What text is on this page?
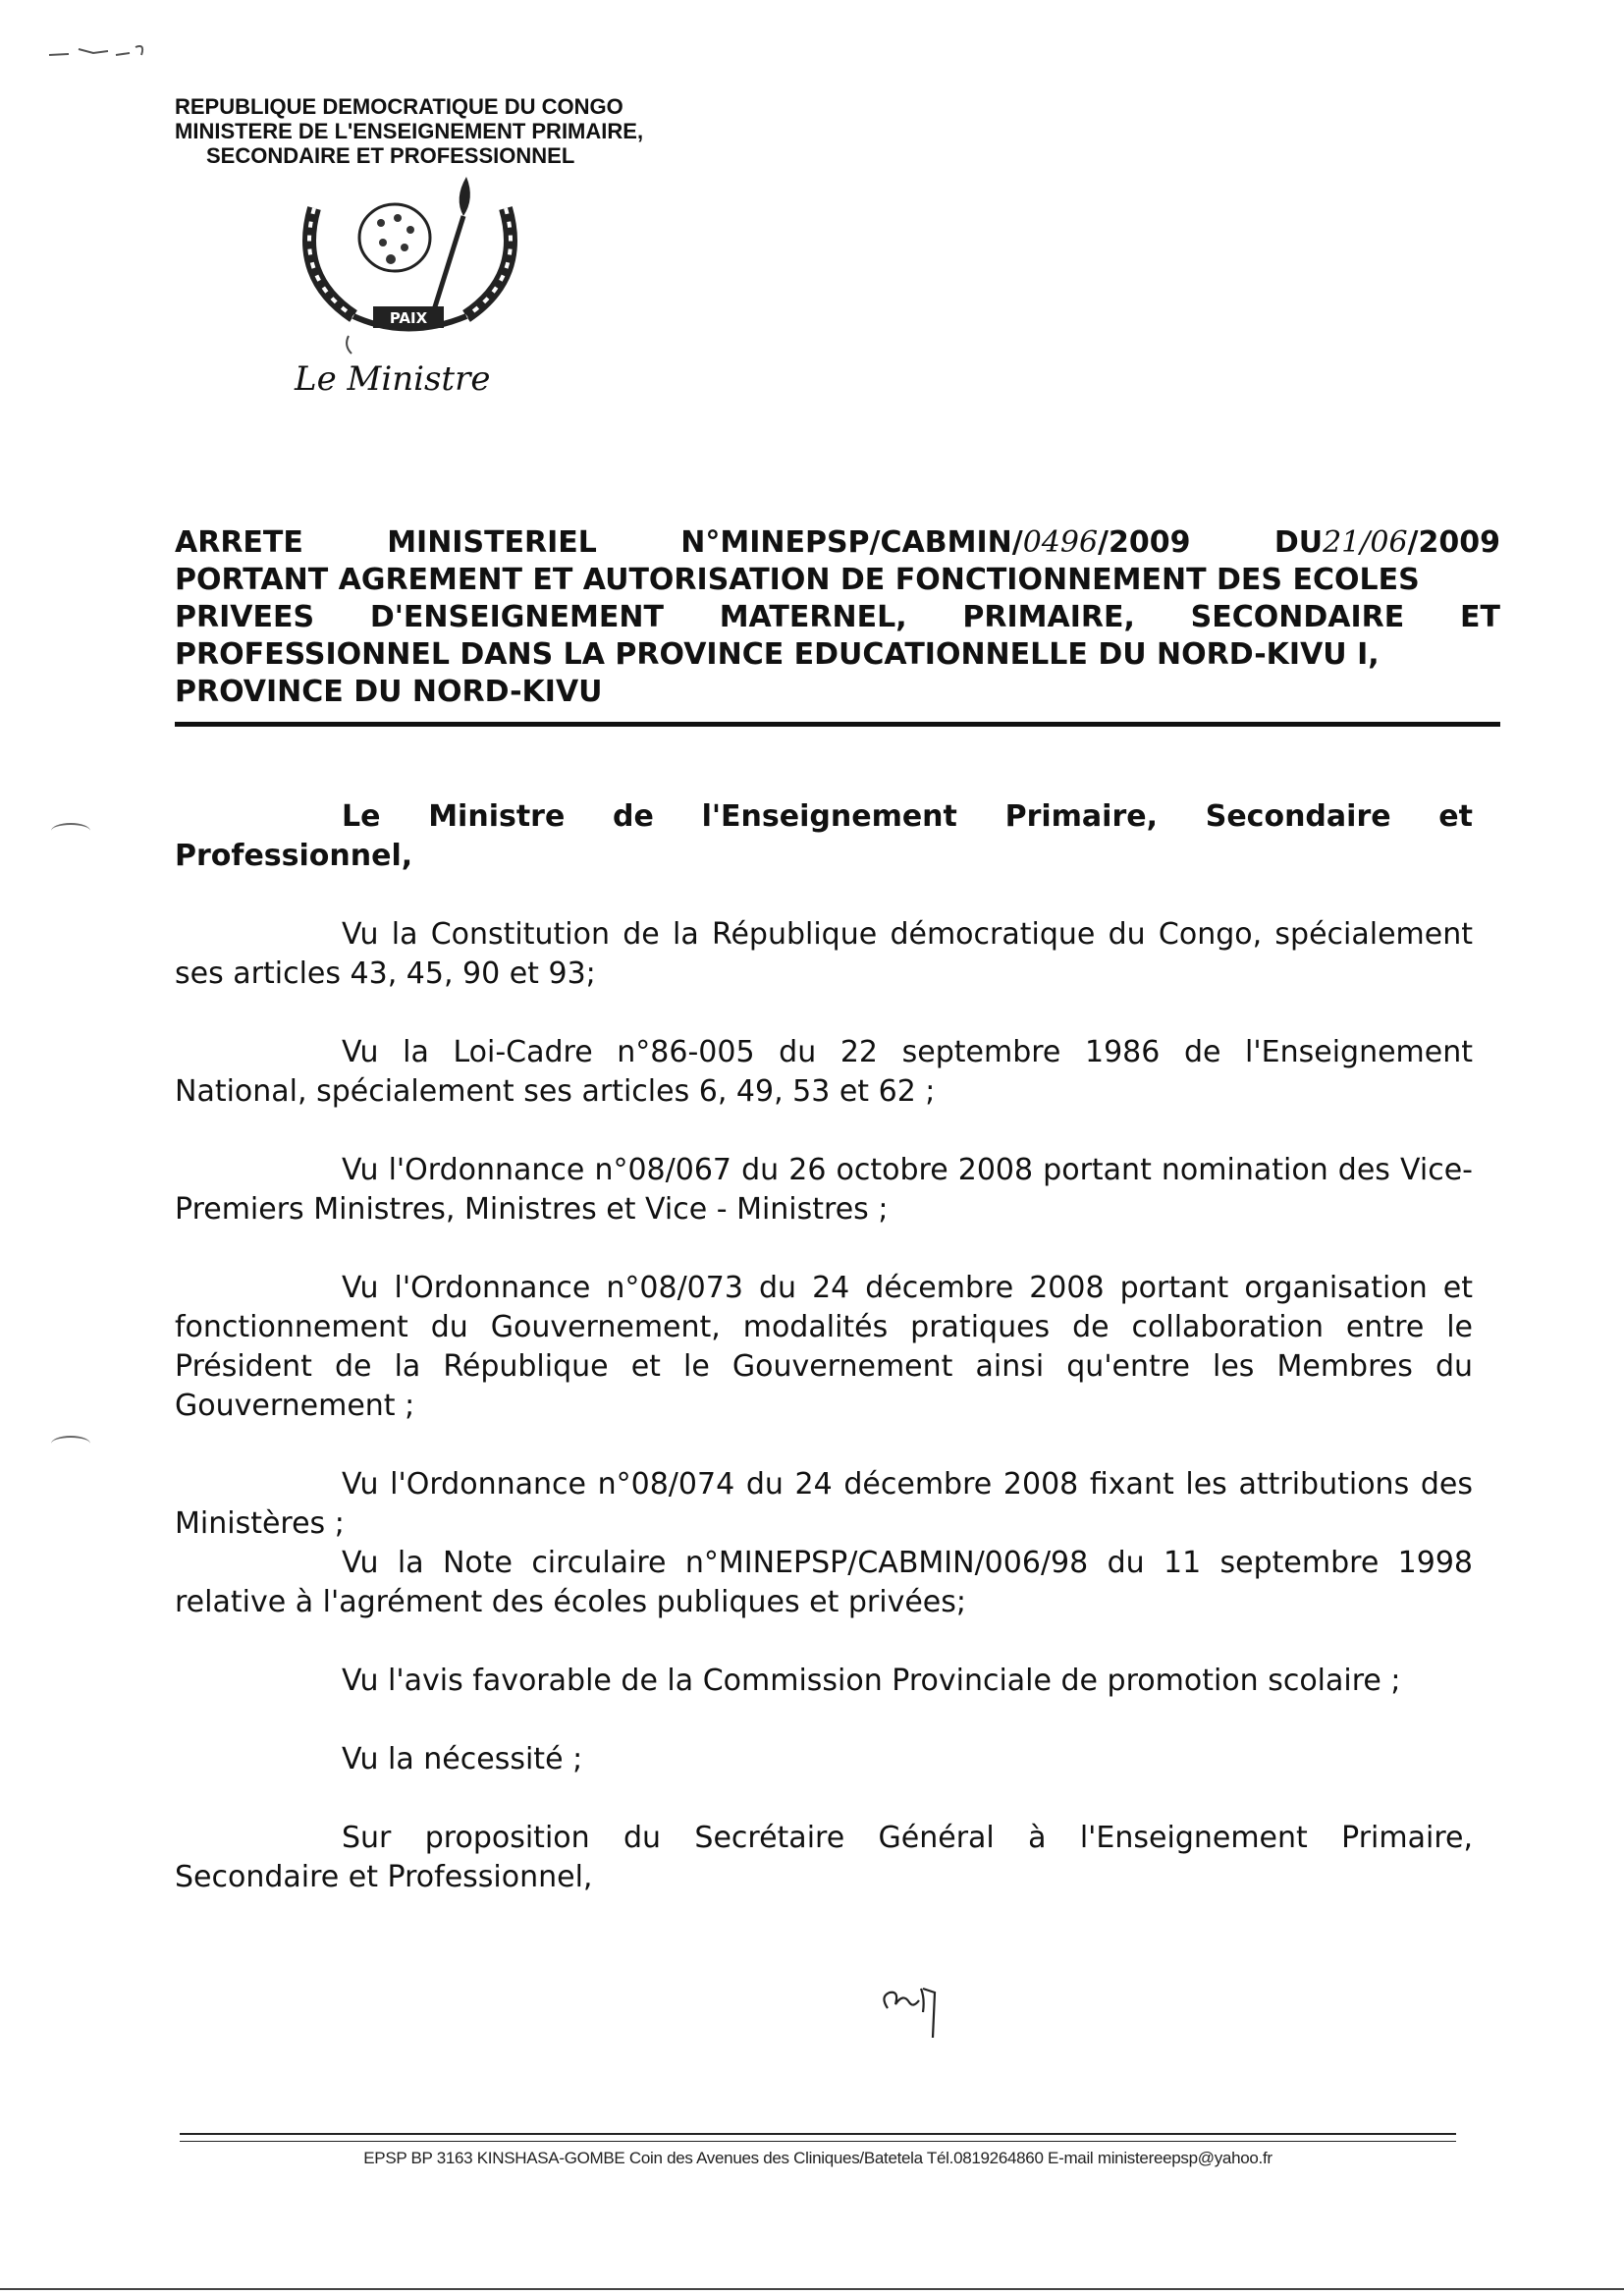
REPUBLIQUE DEMOCRATIQUE DU CONGO
MINISTERE DE L'ENSEIGNEMENT PRIMAIRE,
SECONDAIRE ET PROFESSIONNEL
PAIX
Le Ministre
ARRETE	MINISTERIEL	N°MINEPSP/CABMIN/0496/2009	DU21/06/2009
PORTANT AGREMENT ET AUTORISATION DE FONCTIONNEMENT DES ECOLES
PRIVEES D'ENSEIGNEMENT MATERNEL, PRIMAIRE, SECONDAIRE ET
PROFESSIONNEL DANS LA PROVINCE EDUCATIONNELLE DU NORD-KIVU I,
PROVINCE DU NORD-KIVU

Le Ministre de l'Enseignement Primaire, Secondaire et Professionnel,

Vu la Constitution de la République démocratique du Congo, spécialement ses articles 43, 45, 90 et 93;

Vu la Loi-Cadre n°86-005 du 22 septembre 1986 de l'Enseignement National, spécialement ses articles 6, 49, 53 et 62 ;

Vu l'Ordonnance n°08/067 du 26 octobre 2008 portant nomination des Vice-Premiers Ministres, Ministres et Vice - Ministres ;

Vu l'Ordonnance n°08/073 du 24 décembre 2008 portant organisation et fonctionnement du Gouvernement, modalités pratiques de collaboration entre le Président de la République et le Gouvernement ainsi qu'entre les Membres du Gouvernement ;

Vu l'Ordonnance n°08/074 du 24 décembre 2008 fixant les attributions des Ministères ;

Vu la Note circulaire n°MINEPSP/CABMIN/006/98 du 11 septembre 1998 relative à l'agrément des écoles publiques et privées;

Vu l'avis favorable de la Commission Provinciale de promotion scolaire ;

Vu la nécessité ;

Sur proposition du Secrétaire Général à l'Enseignement Primaire, Secondaire et Professionnel,

EPSP BP 3163 KINSHASA-GOMBE Coin des Avenues des Cliniques/Batetela Tél.0819264860 E-mail ministereepsp@yahoo.fr
